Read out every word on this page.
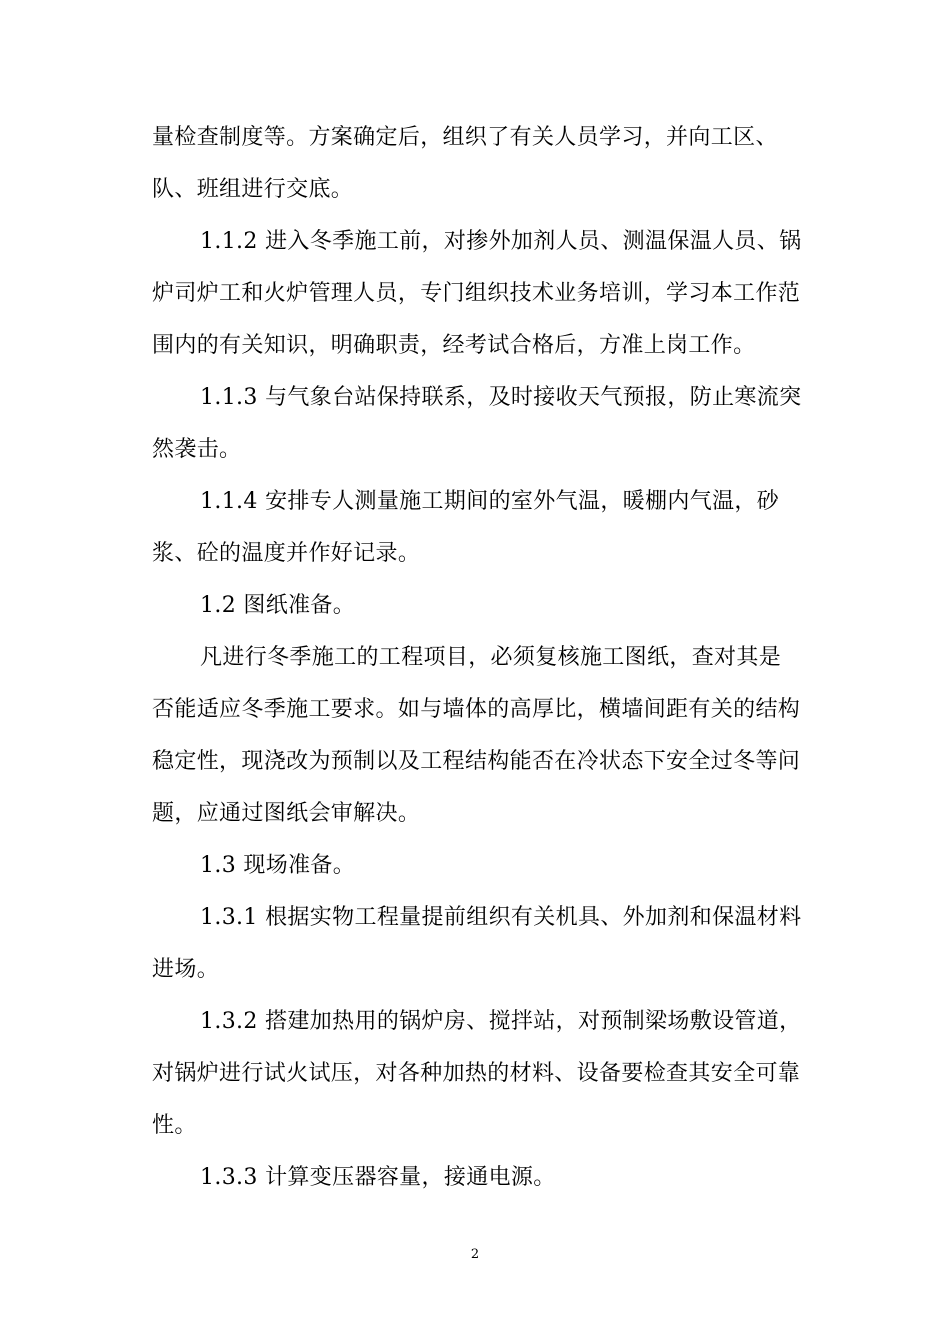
量检查制度等。方案确定后，组织了有关人员学习，并向工区、
队、班组进行交底。

1.1.2 进入冬季施工前，对掺外加剂人员、测温保温人员、锅
炉司炉工和火炉管理人员，专门组织技术业务培训，学习本工作范
围内的有关知识，明确职责，经考试合格后，方准上岗工作。

1.1.3 与气象台站保持联系，及时接收天气预报，防止寒流突
然袭击。

1.1.4 安排专人测量施工期间的室外气温，暖棚内气温，砂
浆、砼的温度并作好记录。

1.2 图纸准备。

凡进行冬季施工的工程项目，必须复核施工图纸，查对其是
否能适应冬季施工要求。如与墙体的高厚比，横墙间距有关的结构
稳定性，现浇改为预制以及工程结构能否在冷状态下安全过冬等问
题，应通过图纸会审解决。

1.3 现场准备。

1.3.1 根据实物工程量提前组织有关机具、外加剂和保温材料
进场。

1.3.2 搭建加热用的锅炉房、搅拌站，对预制梁场敷设管道，
对锅炉进行试火试压，对各种加热的材料、设备要检查其安全可靠
性。

1.3.3 计算变压器容量，接通电源。

2
